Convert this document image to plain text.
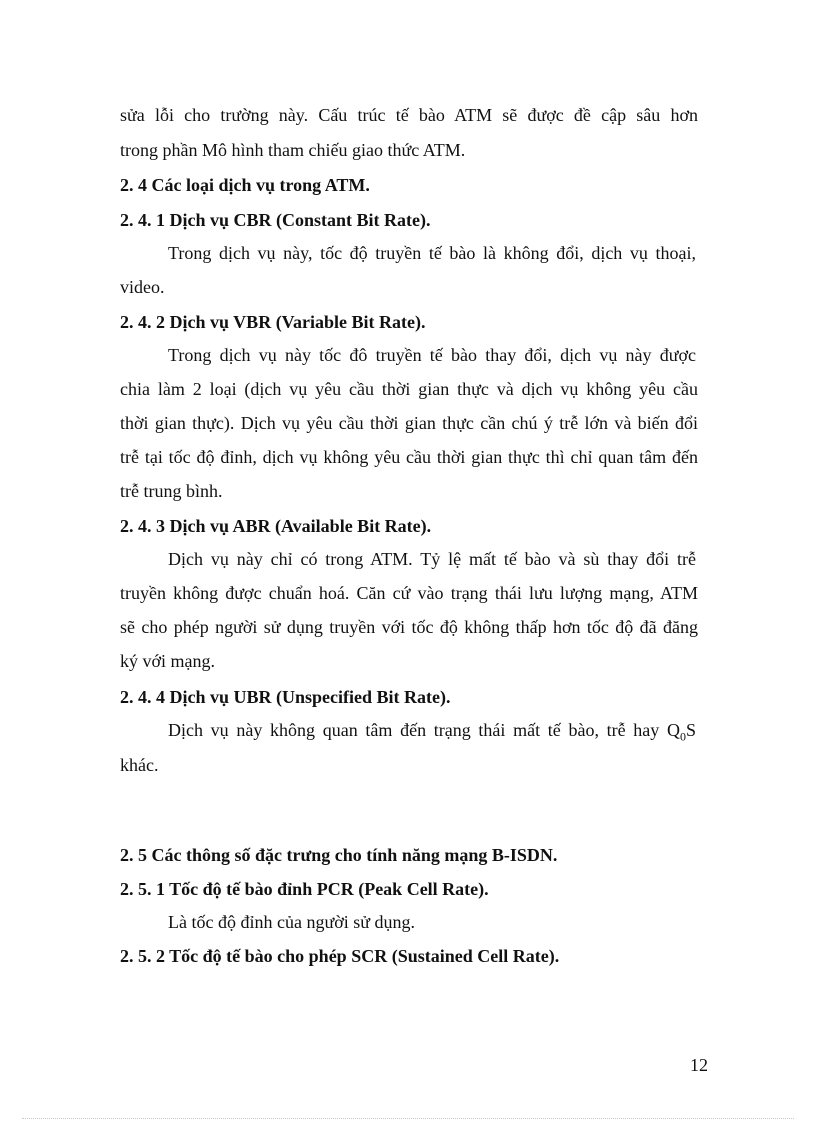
sửa lỗi cho trường này. Cấu trúc tế bào ATM sẽ được đề cập sâu hơn
trong phần Mô hình tham chiếu giao thức ATM.
2. 4 Các loại dịch vụ trong ATM.
2. 4. 1 Dịch vụ CBR (Constant Bit Rate).
Trong dịch vụ này, tốc độ truyền tế bào là không đổi, dịch vụ thoại,
video.
2. 4. 2 Dịch vụ VBR (Variable Bit Rate).
Trong dịch vụ này tốc đô truyền tế bào thay đổi, dịch vụ này được
chia làm 2 loại (dịch vụ yêu cầu thời gian thực và dịch vụ không yêu cầu
thời gian thực). Dịch vụ yêu cầu thời gian thực cần chú ý trễ lớn và biến đổi
trễ tại tốc độ đỉnh, dịch vụ không yêu cầu thời gian thực thì chỉ quan tâm đến
trễ trung bình.
2. 4. 3 Dịch vụ ABR (Available Bit Rate).
Dịch vụ này chỉ có trong ATM. Tỷ lệ mất tế bào và sù thay đổi trễ
truyền không được chuẩn hoá. Căn cứ vào trạng thái lưu lượng mạng, ATM
sẽ cho phép người sử dụng truyền với tốc độ không thấp hơn tốc độ đã đăng
ký với mạng.
2. 4. 4 Dịch vụ UBR (Unspecified Bit Rate).
Dịch vụ này không quan tâm đến trạng thái mất tế bào, trễ hay $Q_0S$
khác.
2. 5 Các thông số đặc trưng cho tính năng mạng B-ISDN.
2. 5. 1 Tốc độ tế bào đỉnh PCR (Peak Cell Rate).
Là tốc độ đỉnh của người sử dụng.
2. 5. 2 Tốc độ tế bào cho phép SCR (Sustained Cell Rate).
12
